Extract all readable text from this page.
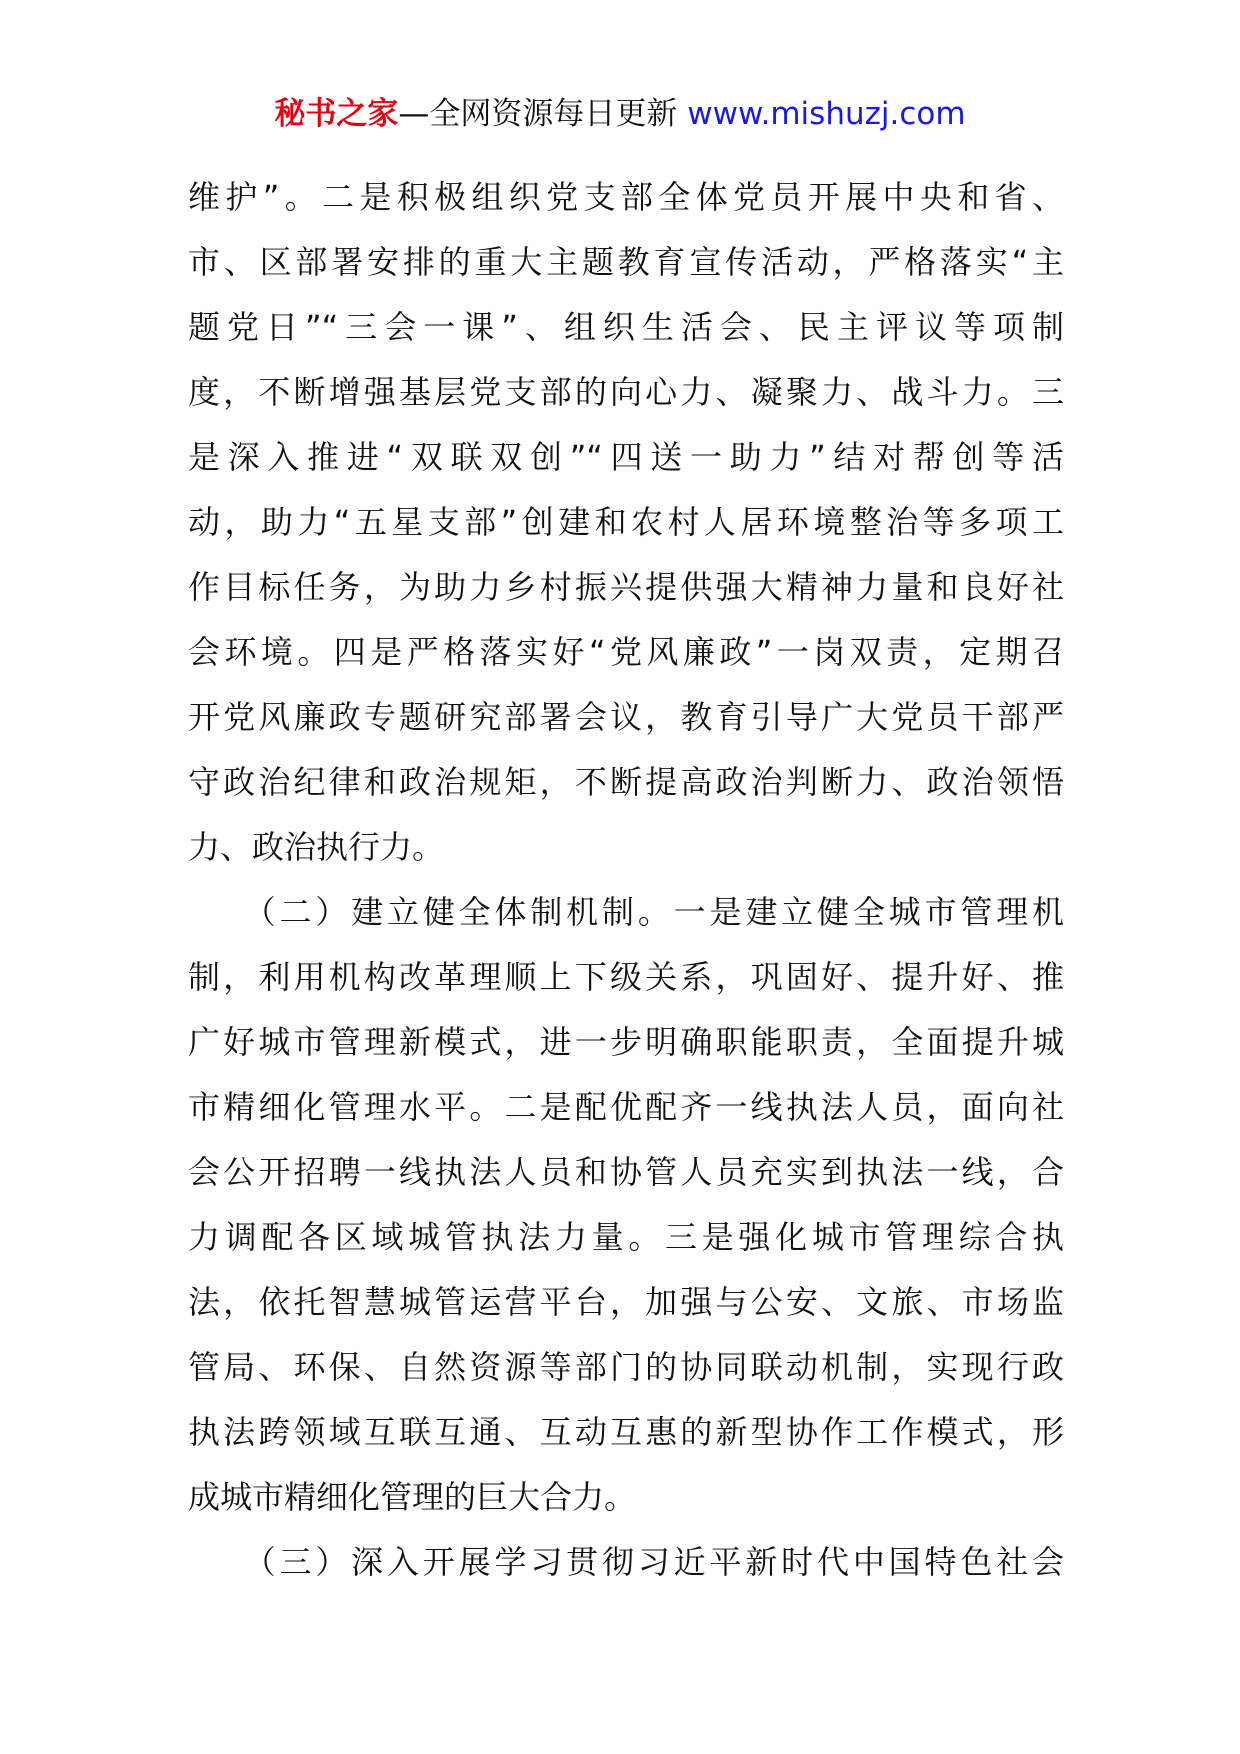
秘书之家—全网资源每日更新 www.mishuzj.com
维护”。二是积极组织党支部全体党员开展中央和省、
市、区部署安排的重大主题教育宣传活动，严格落实“主
题党日”“三会一课”、组织生活会、民主评议等项制
度，不断增强基层党支部的向心力、凝聚力、战斗力。三
是深入推进“双联双创”“四送一助力”结对帮创等活
动，助力“五星支部”创建和农村人居环境整治等多项工
作目标任务，为助力乡村振兴提供强大精神力量和良好社
会环境。四是严格落实好“党风廉政”一岗双责，定期召
开党风廉政专题研究部署会议，教育引导广大党员干部严
守政治纪律和政治规矩，不断提高政治判断力、政治领悟
力、政治执行力。
　　（二）建立健全体制机制。一是建立健全城市管理机
制，利用机构改革理顺上下级关系，巩固好、提升好、推
广好城市管理新模式，进一步明确职能职责，全面提升城
市精细化管理水平。二是配优配齐一线执法人员，面向社
会公开招聘一线执法人员和协管人员充实到执法一线，合
力调配各区域城管执法力量。三是强化城市管理综合执
法，依托智慧城管运营平台，加强与公安、文旅、市场监
管局、环保、自然资源等部门的协同联动机制，实现行政
执法跨领域互联互通、互动互惠的新型协作工作模式，形
成城市精细化管理的巨大合力。
　　（三）深入开展学习贯彻习近平新时代中国特色社会
